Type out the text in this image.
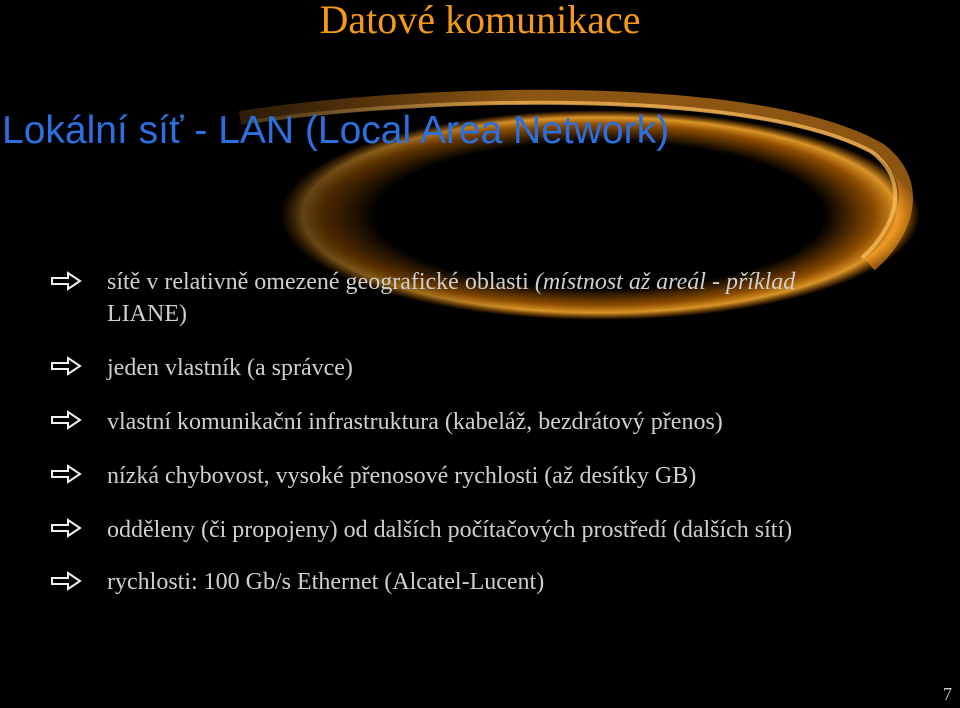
Datové komunikace
Lokální síť - LAN (Local Area Network)
sítě v relativně omezené geografické oblasti (místnost až areál - příklad
LIANE)
jeden vlastník (a správce)
vlastní komunikační infrastruktura (kabeláž, bezdrátový přenos)
nízká chybovost, vysoké přenosové rychlosti (až desítky GB)
odděleny (či propojeny) od dalších počítačových prostředí (dalších sítí)
rychlosti: 100 Gb/s Ethernet (Alcatel-Lucent)
7
